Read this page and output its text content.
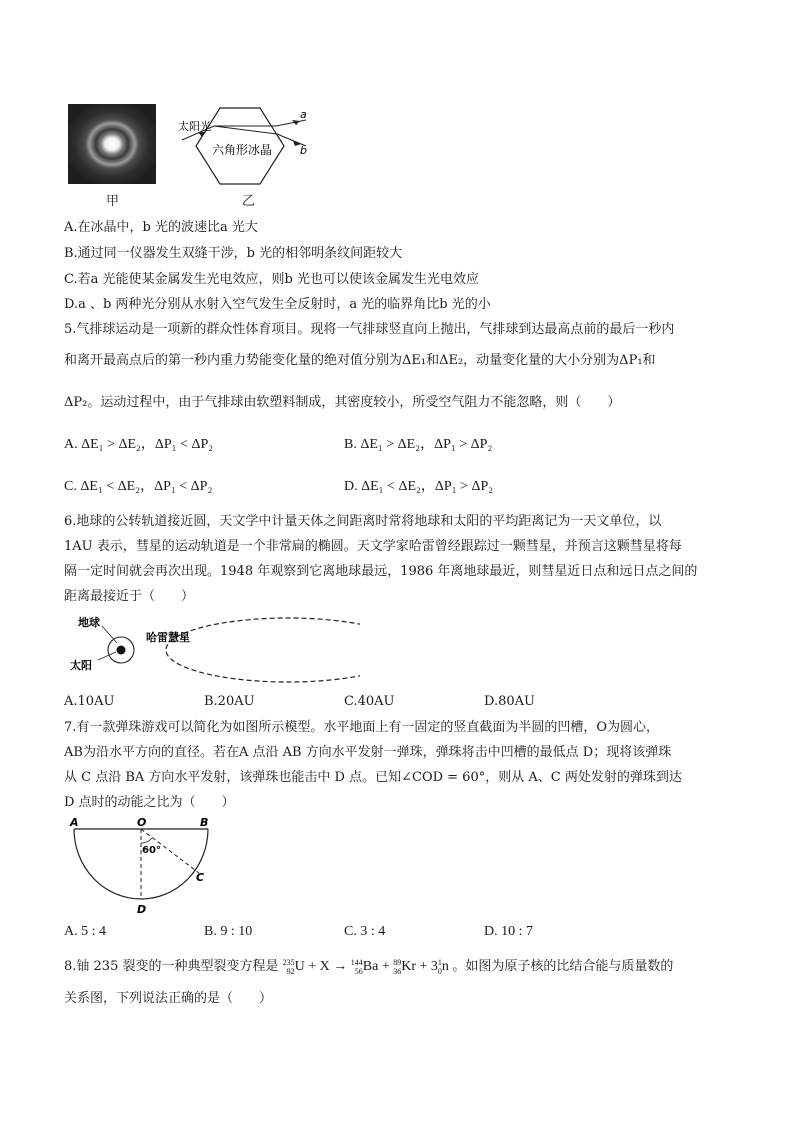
太阳光
六角形冰晶
a
b
甲	乙
A.在冰晶中，b 光的波速比a 光大
B.通过同一仪器发生双缝干涉，b 光的相邻明条纹间距较大
C.若a 光能使某金属发生光电效应，则b 光也可以使该金属发生光电效应
D.a 、b 两种光分别从水射入空气发生全反射时，a 光的临界角比b 光的小
5.气排球运动是一项新的群众性体育项目。现将一气排球竖直向上抛出，气排球到达最高点前的最后一秒内
和离开最高点后的第一秒内重力势能变化量的绝对值分别为ΔE₁和ΔE₂，动量变化量的大小分别为ΔP₁和
ΔP₂。运动过程中，由于气排球由软塑料制成，其密度较小，所受空气阻力不能忽略，则（　　）
A. ΔE₁ > ΔE₂，ΔP₁ < ΔP₂	B. ΔE₁ > ΔE₂，ΔP₁ > ΔP₂
C. ΔE₁ < ΔE₂，ΔP₁ < ΔP₂	D. ΔE₁ < ΔE₂，ΔP₁ > ΔP₂
6.地球的公转轨道接近圆，天文学中计量天体之间距离时常将地球和太阳的平均距离记为一天文单位，以
1AU 表示，彗星的运动轨道是一个非常扁的椭圆。天文学家哈雷曾经跟踪过一颗彗星，并预言这颗彗星将每
隔一定时间就会再次出现。1948 年观察到它离地球最远，1986 年离地球最近，则彗星近日点和远日点之间的
距离最接近于（　　）
地球
太阳
哈雷慧星
A.10AU	B.20AU	C.40AU	D.80AU
7.有一款弹珠游戏可以简化为如图所示模型。水平地面上有一固定的竖直截面为半圆的凹槽，O为圆心，
AB为沿水平方向的直径。若在A 点沿 AB 方向水平发射一弹珠，弹珠将击中凹槽的最低点 D；现将该弹珠
从 C 点沿 BA 方向水平发射，该弹珠也能击中 D 点。已知∠COD = 60°，则从 A、C 两处发射的弹珠到达
D 点时的动能之比为（　　）
A	O	B
C
D
60°
A. 5 : 4	B. 9 : 10	C. 3 : 4	D. 10 : 7
8.铀 235 裂变的一种典型裂变方程是 235
92 U + X → 144
56 Ba + 89
36 Kr + 3 1
0 n 。如图为原子核的比结合能与质量数的
关系图，下列说法正确的是（　　）
